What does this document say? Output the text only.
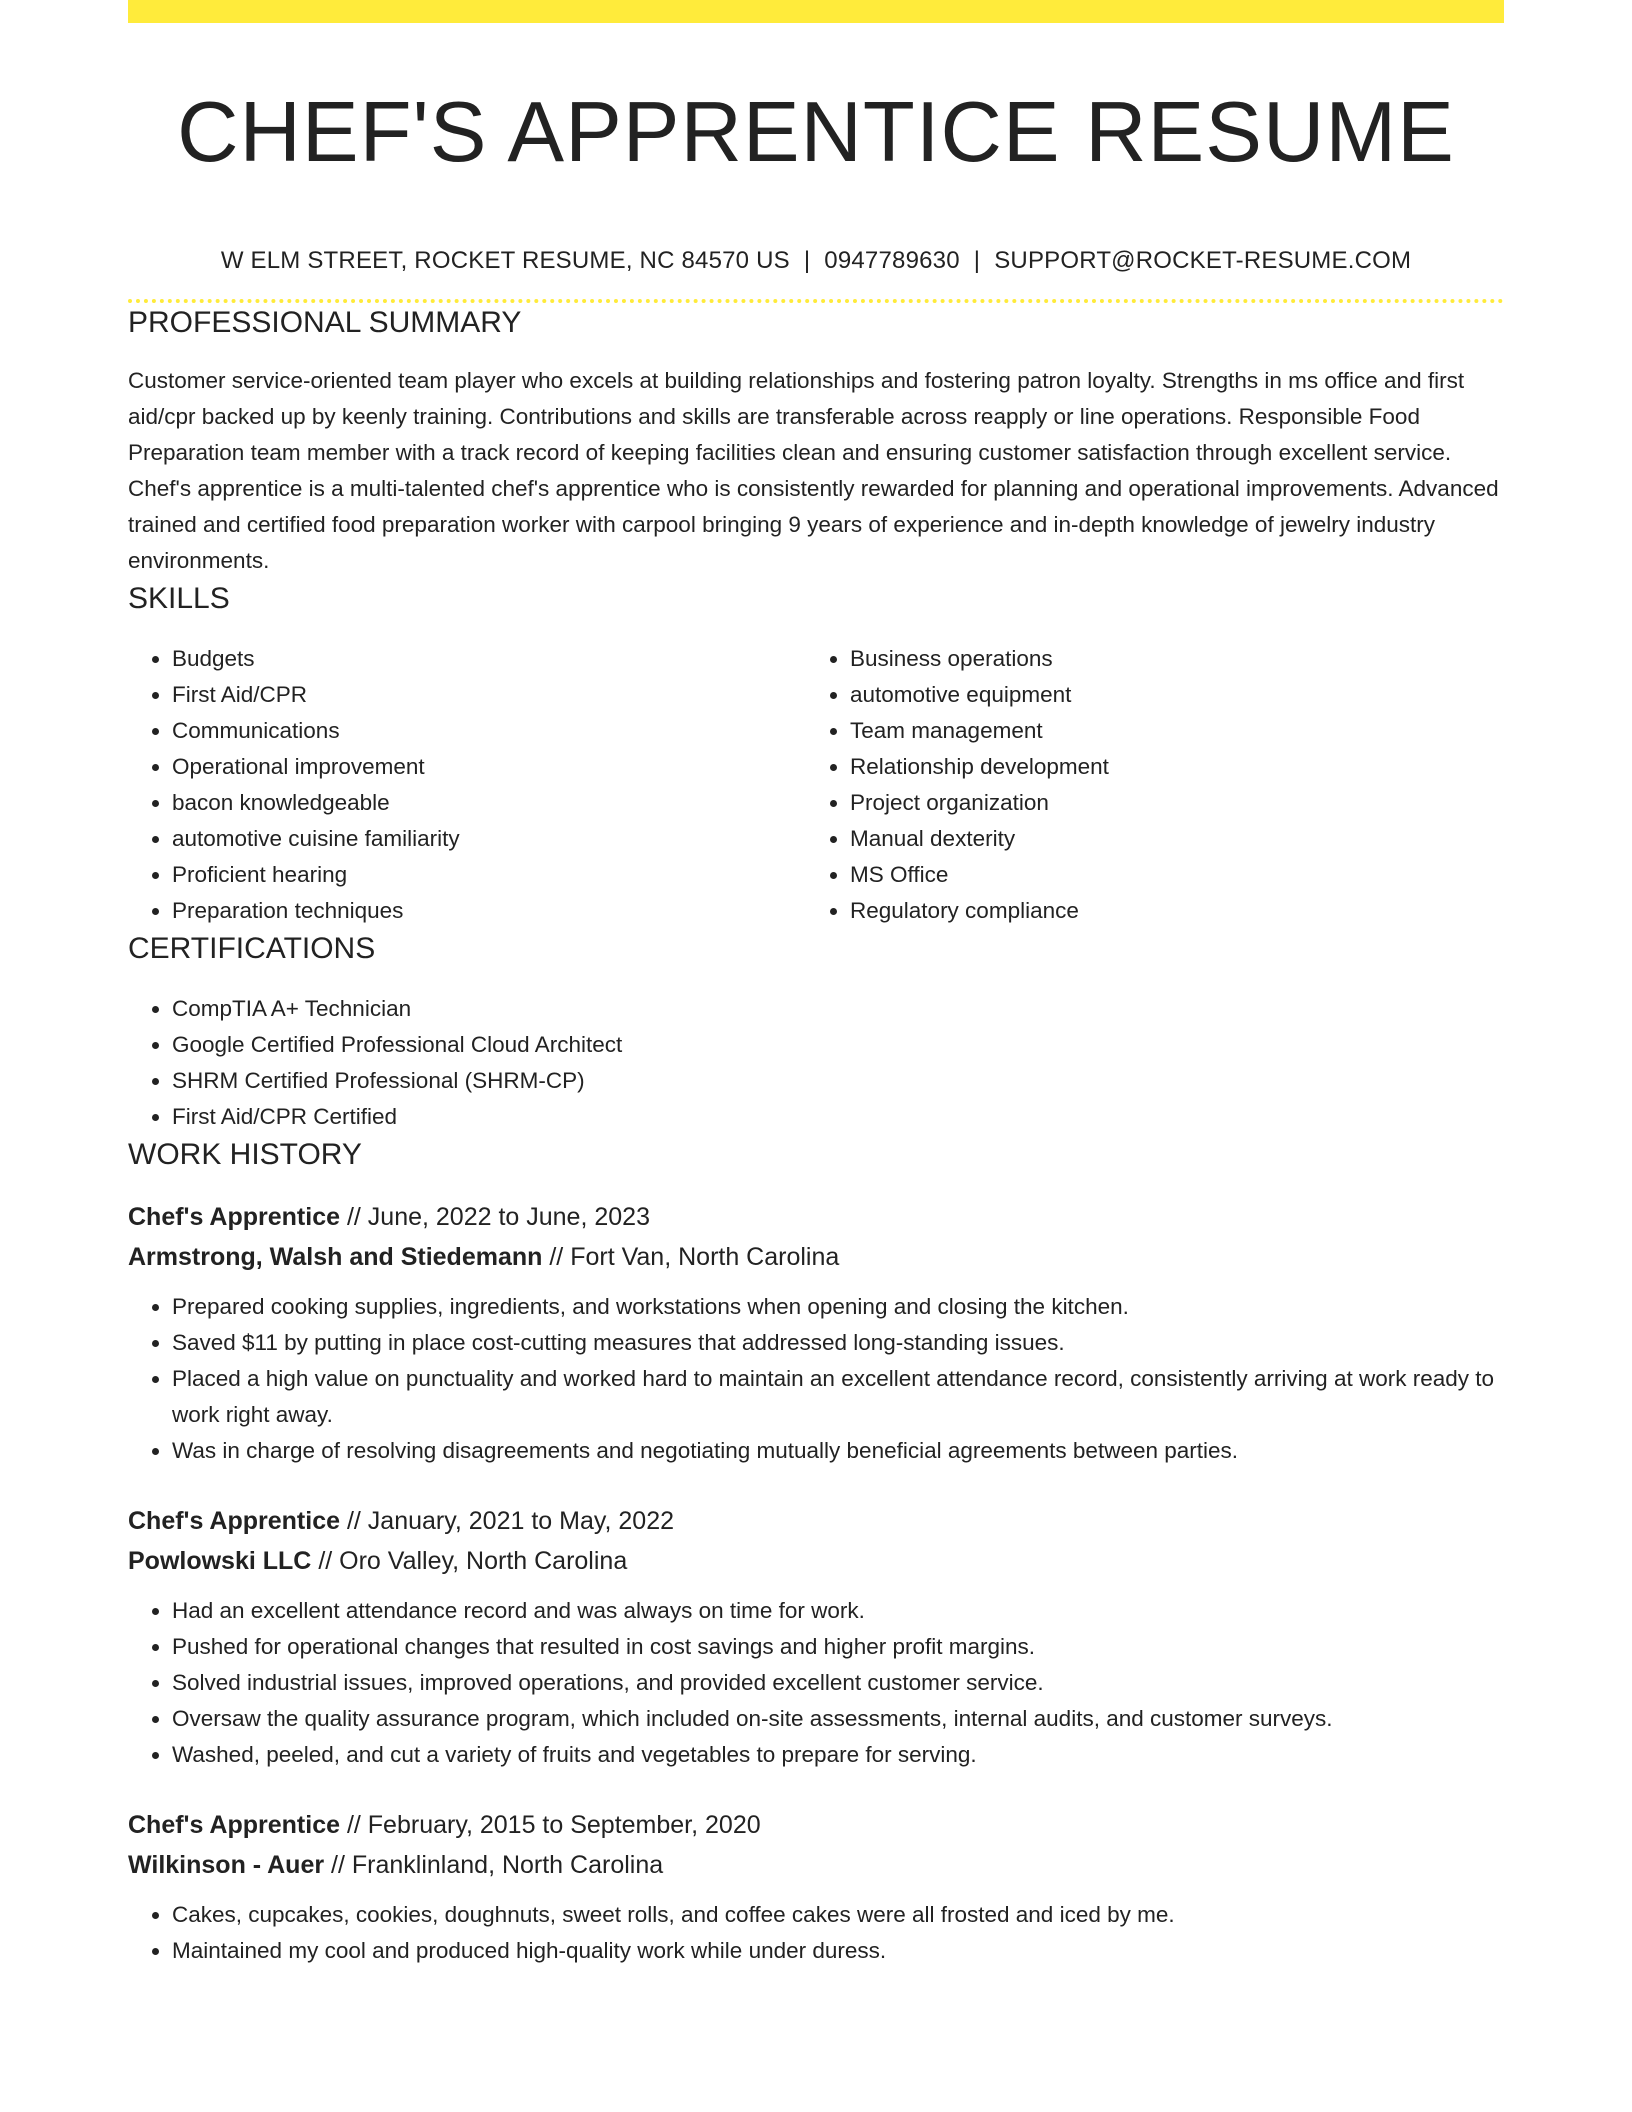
CHEF'S APPRENTICE RESUME
W ELM STREET, ROCKET RESUME, NC 84570 US | 0947789630 | SUPPORT@ROCKET-RESUME.COM
PROFESSIONAL SUMMARY

Customer service-oriented team player who excels at building relationships and fostering patron loyalty. Strengths in ms office and first aid/cpr backed up by keenly training. Contributions and skills are transferable across reapply or line operations. Responsible Food Preparation team member with a track record of keeping facilities clean and ensuring customer satisfaction through excellent service. Chef's apprentice is a multi-talented chef's apprentice who is consistently rewarded for planning and operational improvements. Advanced trained and certified food preparation worker with carpool bringing 9 years of experience and in-depth knowledge of jewelry industry environments.

SKILLS
• Budgets
• First Aid/CPR
• Communications
• Operational improvement
• bacon knowledgeable
• automotive cuisine familiarity
• Proficient hearing
• Preparation techniques
• Business operations
• automotive equipment
• Team management
• Relationship development
• Project organization
• Manual dexterity
• MS Office
• Regulatory compliance
CERTIFICATIONS
• CompTIA A+ Technician
• Google Certified Professional Cloud Architect
• SHRM Certified Professional (SHRM-CP)
• First Aid/CPR Certified
WORK HISTORY
Chef's Apprentice // June, 2022 to June, 2023
Armstrong, Walsh and Stiedemann // Fort Van, North Carolina
• Prepared cooking supplies, ingredients, and workstations when opening and closing the kitchen.
• Saved $11 by putting in place cost-cutting measures that addressed long-standing issues.
• Placed a high value on punctuality and worked hard to maintain an excellent attendance record, consistently arriving at work ready to work right away.
• Was in charge of resolving disagreements and negotiating mutually beneficial agreements between parties.
Chef's Apprentice // January, 2021 to May, 2022
Powlowski LLC // Oro Valley, North Carolina
• Had an excellent attendance record and was always on time for work.
• Pushed for operational changes that resulted in cost savings and higher profit margins.
• Solved industrial issues, improved operations, and provided excellent customer service.
• Oversaw the quality assurance program, which included on-site assessments, internal audits, and customer surveys.
• Washed, peeled, and cut a variety of fruits and vegetables to prepare for serving.
Chef's Apprentice // February, 2015 to September, 2020
Wilkinson - Auer // Franklinland, North Carolina
• Cakes, cupcakes, cookies, doughnuts, sweet rolls, and coffee cakes were all frosted and iced by me.
• Maintained my cool and produced high-quality work while under duress.
